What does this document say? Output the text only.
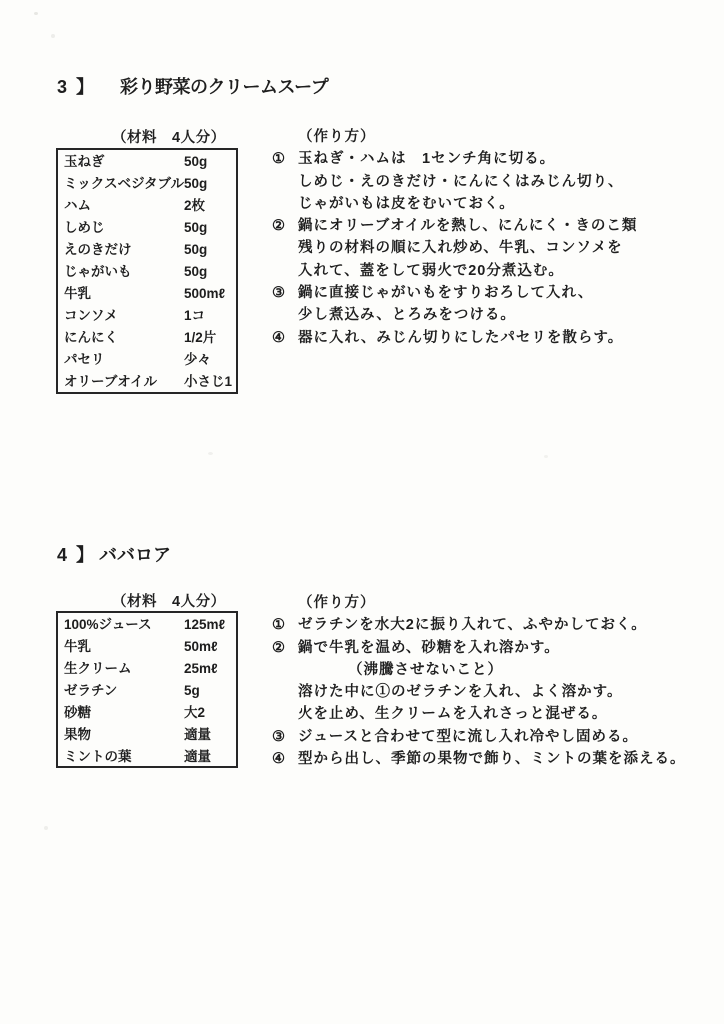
3 】 彩り野菜のクリームスープ
（材料　4人分）
玉ねぎ	50g
ミックスベジタブル 50g
ハム	2枚
しめじ	50g
えのきだけ	50g
じゃがいも	50g
牛乳	500mℓ
コンソメ	1コ
にんにく	1/2片
パセリ	少々
オリーブオイル 小さじ1
（作り方）
① 玉ねぎ・ハムは　1センチ角に切る。
しめじ・えのきだけ・にんにくはみじん切り、
じゃがいもは皮をむいておく。
② 鍋にオリーブオイルを熱し、にんにく・きのこ類
残りの材料の順に入れ炒め、牛乳、コンソメを
入れて、蓋をして弱火で20分煮込む。
③ 鍋に直接じゃがいもをすりおろして入れ、
少し煮込み、とろみをつける。
④ 器に入れ、みじん切りにしたパセリを散らす。
4 】 ババロア
（材料　4人分）
100%ジュース 125mℓ
牛乳	50mℓ
生クリーム	25mℓ
ゼラチン	5g
砂糖	大2
果物	適量
ミントの葉	適量
（作り方）
① ゼラチンを水大2に振り入れて、ふやかしておく。
② 鍋で牛乳を温め、砂糖を入れ溶かす。
（沸騰させないこと）
溶けた中に①のゼラチンを入れ、よく溶かす。
火を止め、生クリームを入れさっと混ぜる。
③ ジュースと合わせて型に流し入れ冷やし固める。
④ 型から出し、季節の果物で飾り、ミントの葉を添える。
